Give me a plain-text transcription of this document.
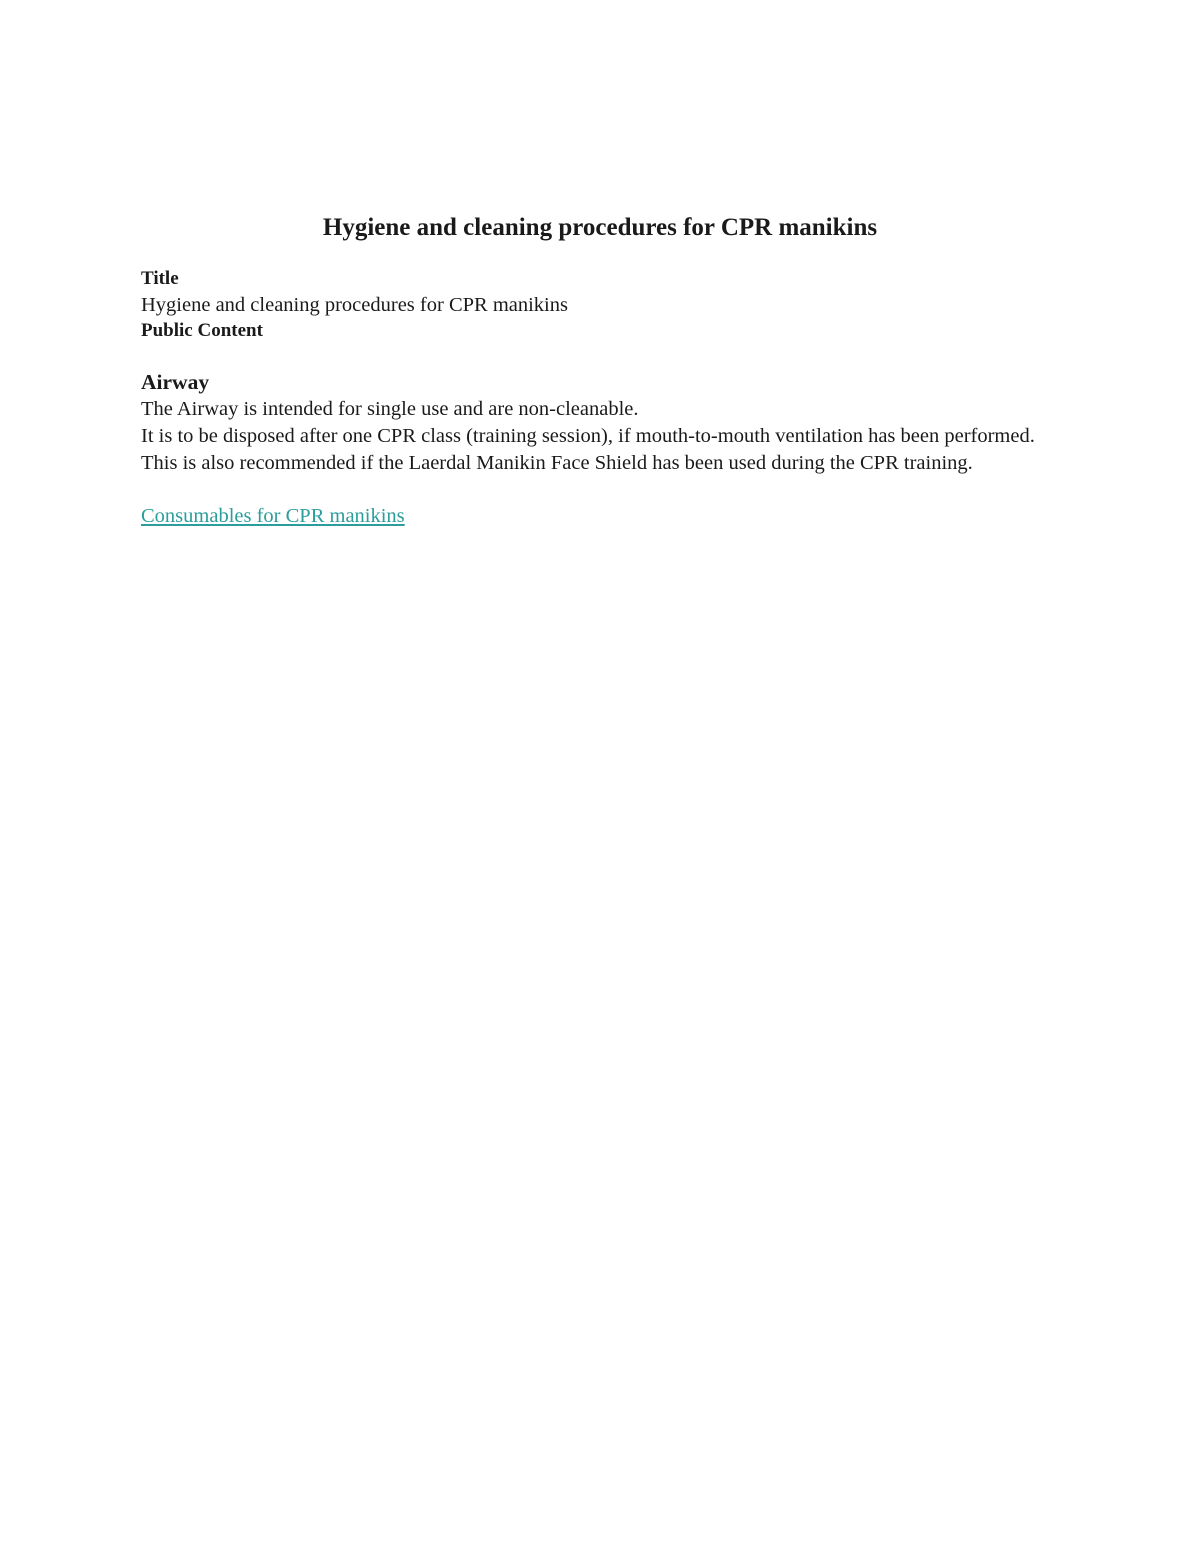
Hygiene and cleaning procedures for CPR manikins

Title

Hygiene and cleaning procedures for CPR manikins

Public Content

Airway

The Airway is intended for single use and are non-cleanable.

It is to be disposed after one CPR class (training session), if mouth-to-mouth ventilation has been performed.

This is also recommended if the Laerdal Manikin Face Shield has been used during the CPR training.

Consumables for CPR manikins
